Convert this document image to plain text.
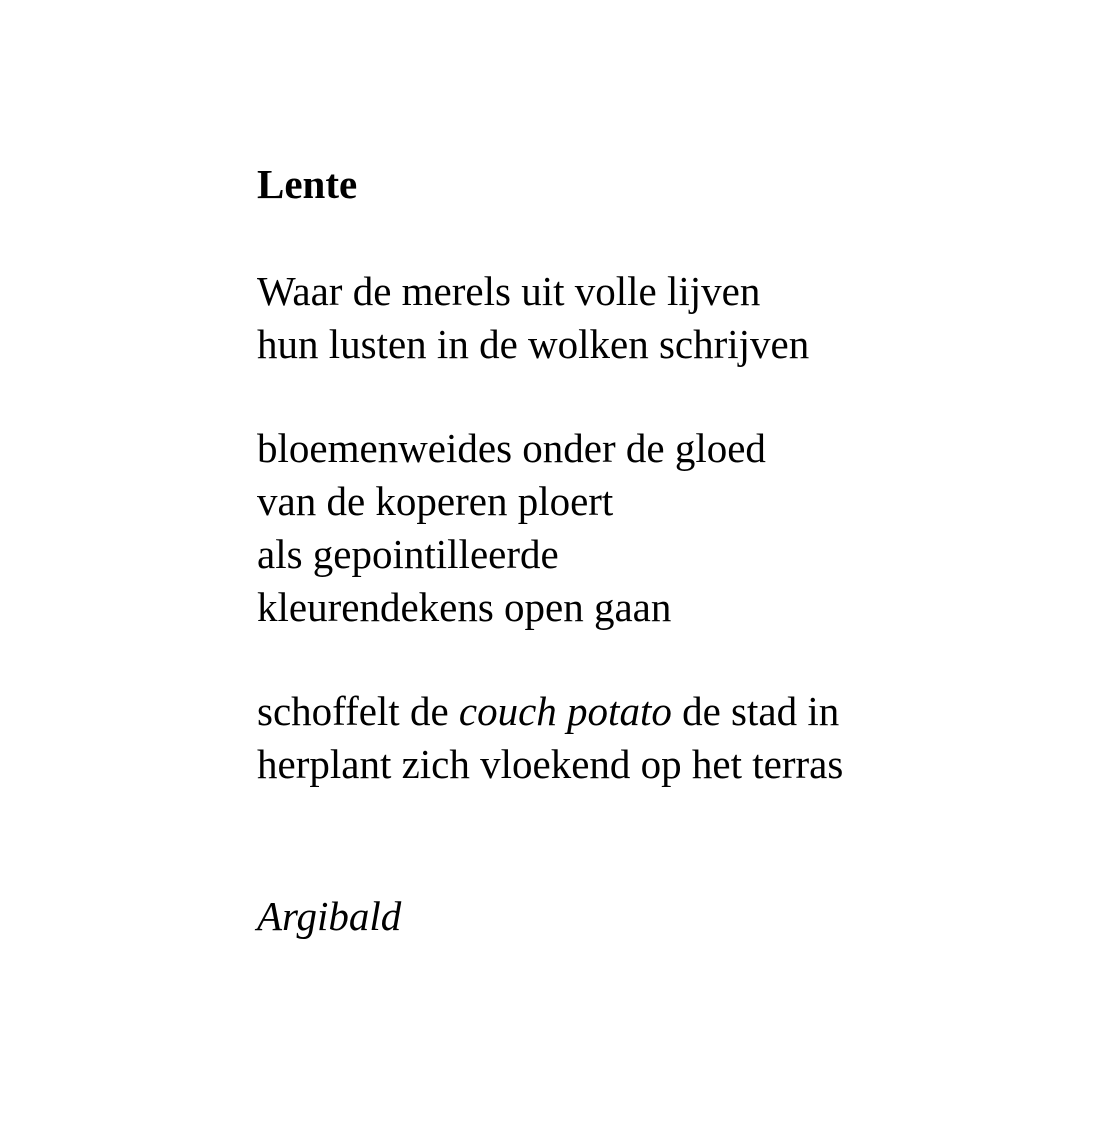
Lente
Waar de merels uit volle lijven
hun lusten in de wolken schrijven
bloemenweides onder de gloed
van de koperen ploert
als gepointilleerde
kleurendekens open gaan
schoffelt de couch potato de stad in
herplant zich vloekend op het terras
Argibald
